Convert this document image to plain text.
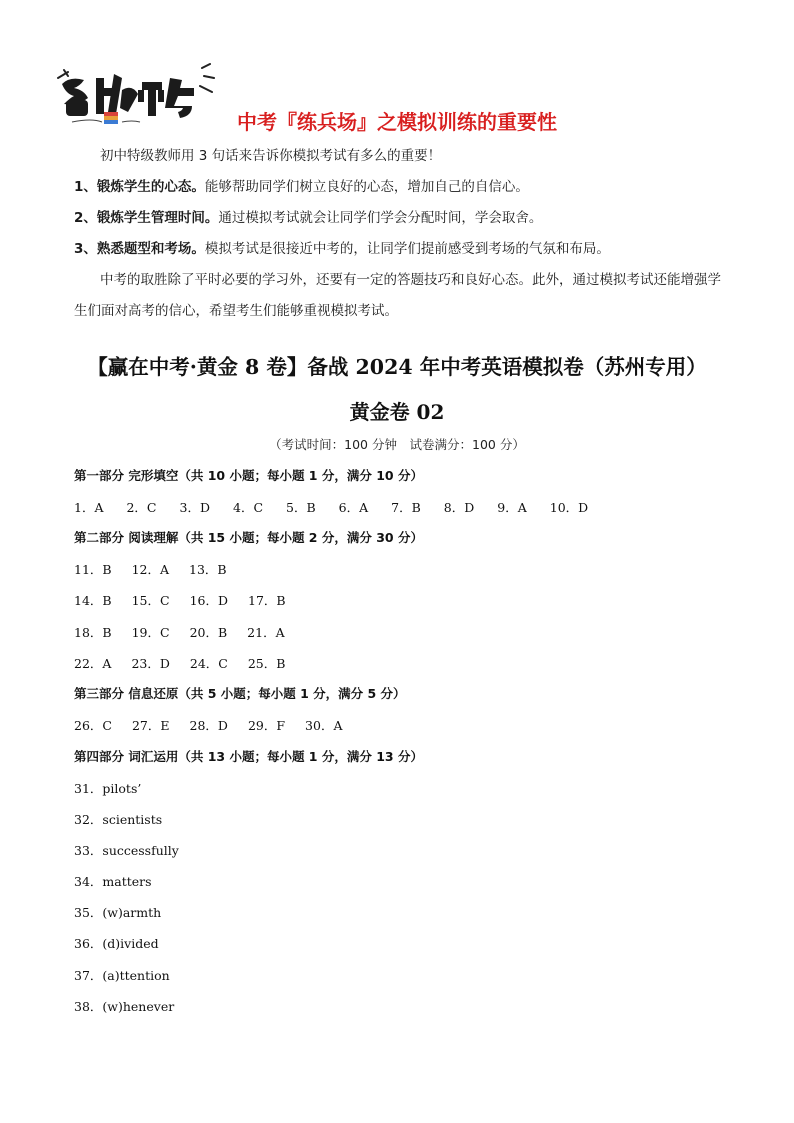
中考『练兵场』之模拟训练的重要性
初中特级教师用 3 句话来告诉你模拟考试有多么的重要！
1、锻炼学生的心态。能够帮助同学们树立良好的心态，增加自己的自信心。
2、锻炼学生管理时间。通过模拟考试就会让同学们学会分配时间，学会取舍。
3、熟悉题型和考场。模拟考试是很接近中考的，让同学们提前感受到考场的气氛和布局。
中考的取胜除了平时必要的学习外，还要有一定的答题技巧和良好心态。此外，通过模拟考试还能增强学生们面对高考的信心，希望考生们能够重视模拟考试。
【赢在中考·黄金 8 卷】备战 2024 年中考英语模拟卷（苏州专用）
黄金卷 02
（考试时间：100 分钟　试卷满分：100 分）
第一部分 完形填空（共 10 小题；每小题 1 分，满分 10 分）
1．A 2．C 3．D 4．C 5．B 6．A 7．B 8．D 9．A 10．D
第二部分 阅读理解（共 15 小题；每小题 2 分，满分 30 分）
11．B 12．A 13．B
14．B 15．C 16．D 17．B
18．B 19．C 20．B 21．A
22．A 23．D 24．C 25．B
第三部分 信息还原（共 5 小题；每小题 1 分，满分 5 分）
26．C 27．E 28．D 29．F 30．A
第四部分 词汇运用（共 13 小题；每小题 1 分，满分 13 分）
31．pilots’
32．scientists
33．successfully
34．matters
35．(w)armth
36．(d)ivided
37．(a)ttention
38．(w)henever
